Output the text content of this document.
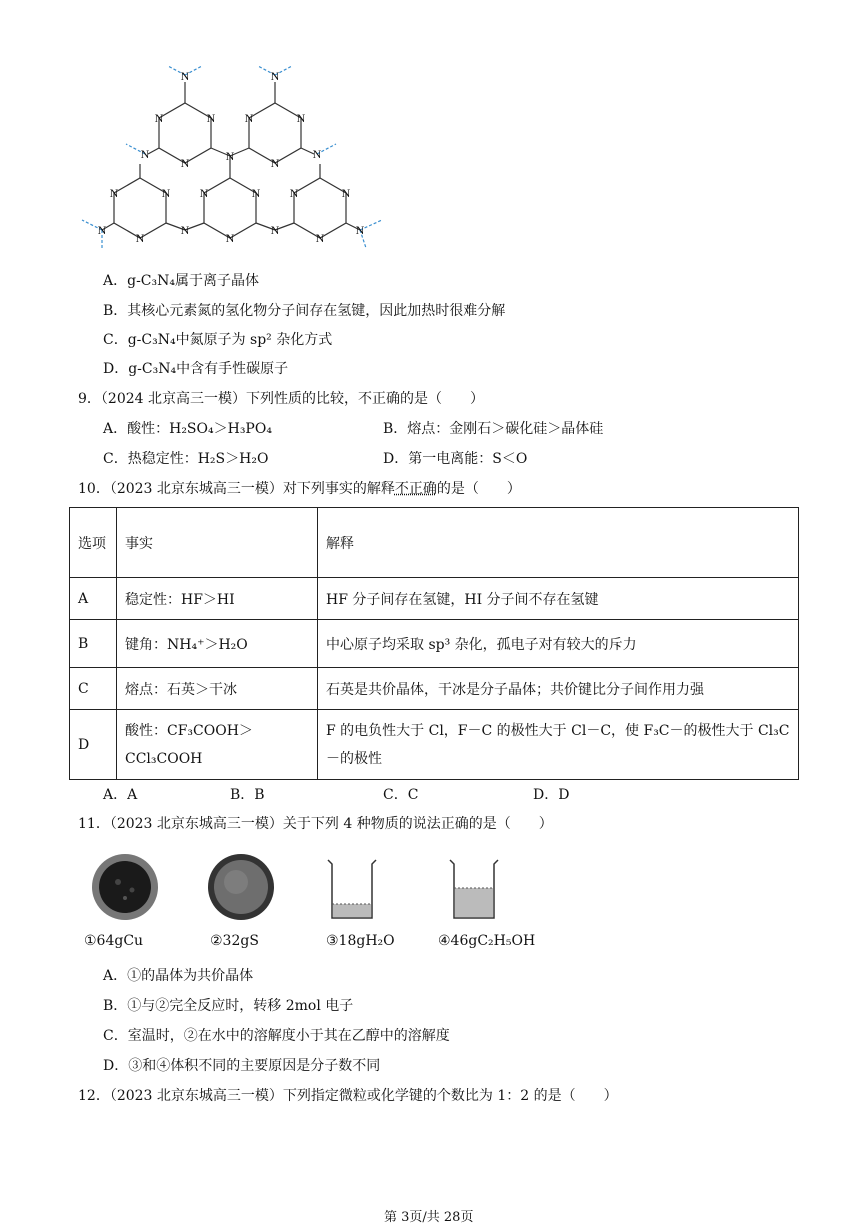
N	N
N	N	N
N	N	N	N
N	N
N
N	N
N
N	N
N
N	N
N
N	N
N
A．g-C₃N₄属于离子晶体
B．其核心元素氮的氢化物分子间存在氢键，因此加热时很难分解
C．g-C₃N₄中氮原子为 sp² 杂化方式
D．g-C₃N₄中含有手性碳原子
9．（2024 北京高三一模）下列性质的比较，不正确的是（　　）
A．酸性：H₂SO₄＞H₃PO₄	B．熔点：金刚石＞碳化硅＞晶体硅
C．热稳定性：H₂S＞H₂O	D．第一电离能：S＜O
10．（2023 北京东城高三一模）对下列事实的解释不正确的是（　　）
选项	事实	解释
A	稳定性：HF＞HI	HF 分子间存在氢键，HI 分子间不存在氢键
B	键角：NH₄⁺＞H₂O	中心原子均采取 sp³ 杂化，孤电子对有较大的斥力
C	熔点：石英＞干冰	石英是共价晶体，干冰是分子晶体；共价键比分子间作用力强
D	酸性：CF₃COOH＞CCl₃COOH	F 的电负性大于 Cl，F－C 的极性大于 Cl－C，使 F₃C－的极性大于 Cl₃C－的极性
A．A	B．B	C．C	D．D
11．（2023 北京东城高三一模）关于下列 4 种物质的说法正确的是（　　）
①64gCu	②32gS	③18gH₂O	④46gC₂H₅OH
A．①的晶体为共价晶体
B．①与②完全反应时，转移 2mol 电子
C．室温时，②在水中的溶解度小于其在乙醇中的溶解度
D．③和④体积不同的主要原因是分子数不同
12．（2023 北京东城高三一模）下列指定微粒或化学键的个数比为 1：2 的是（　　）
第 3页/共 28页
